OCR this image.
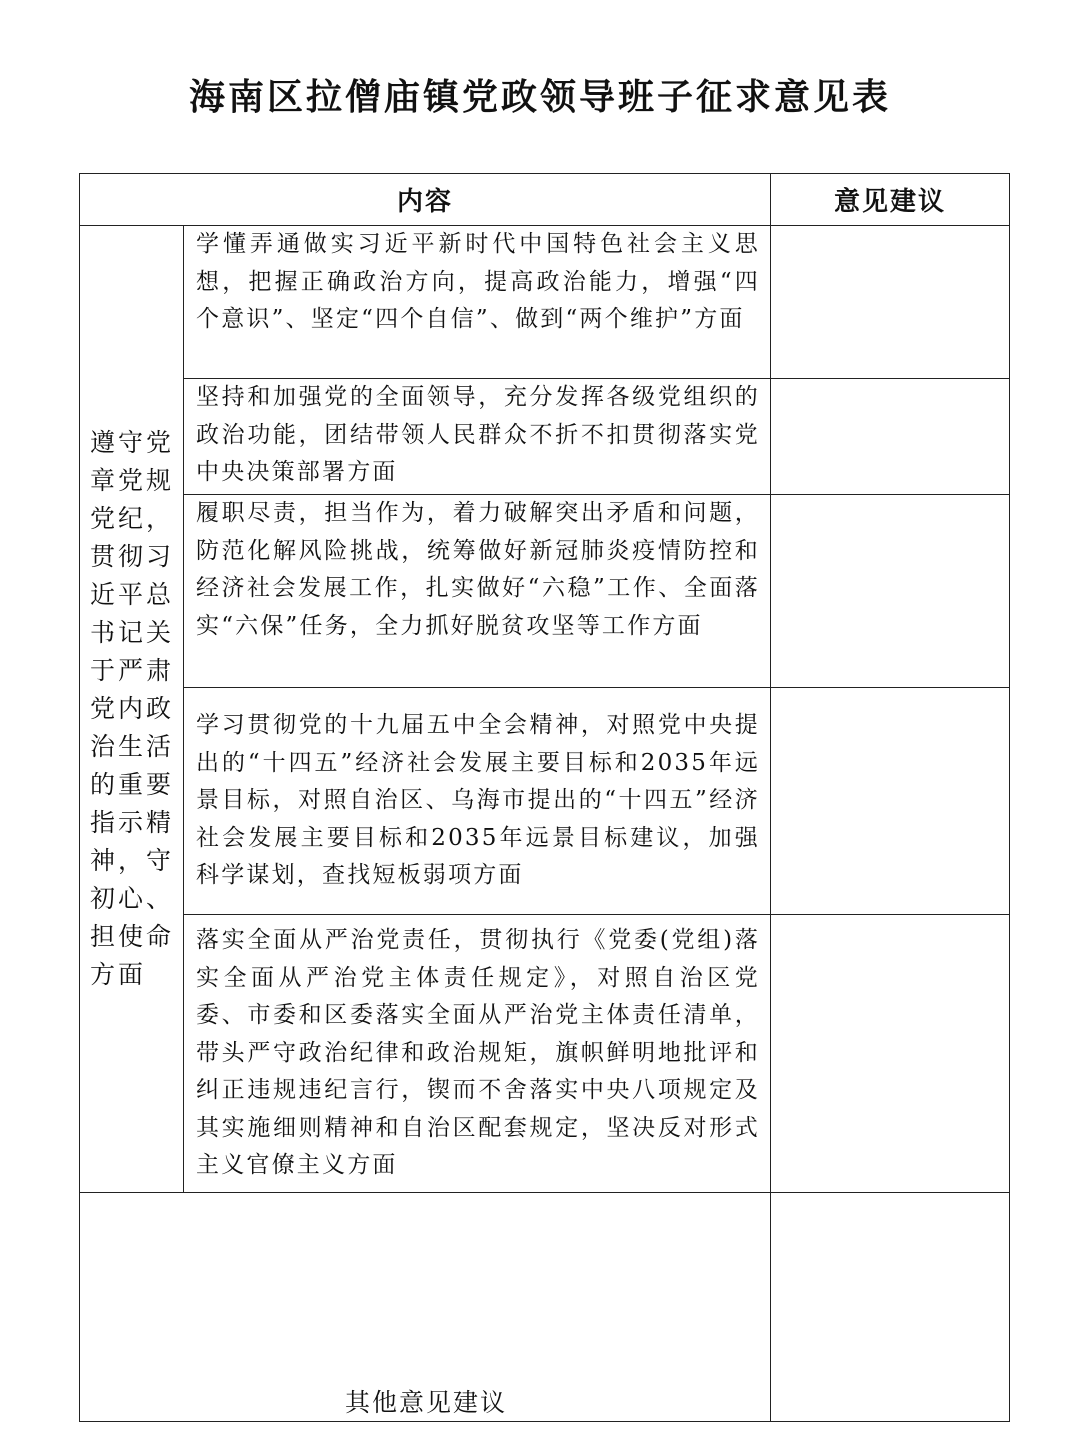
海南区拉僧庙镇党政领导班子征求意见表
内容		意见建议
遵守党章党规党纪，贯彻习近平总书记关于严肃党内政治生活的重要指示精神，守初心、担使命方面	学懂弄通做实习近平新时代中国特色社会主义思想，把握正确政治方向，提高政治能力，增强“四个意识”、坚定“四个自信”、做到“两个维护”方面	
	坚持和加强党的全面领导，充分发挥各级党组织的政治功能，团结带领人民群众不折不扣贯彻落实党中央决策部署方面	
	履职尽责，担当作为，着力破解突出矛盾和问题，防范化解风险挑战，统筹做好新冠肺炎疫情防控和经济社会发展工作，扎实做好“六稳”工作、全面落实“六保”任务，全力抓好脱贫攻坚等工作方面	
	学习贯彻党的十九届五中全会精神，对照党中央提出的“十四五”经济社会发展主要目标和2035年远景目标，对照自治区、乌海市提出的“十四五”经济社会发展主要目标和2035年远景目标建议，加强科学谋划，查找短板弱项方面	
	落实全面从严治党责任，贯彻执行《党委(党组)落实全面从严治党主体责任规定》，对照自治区党委、市委和区委落实全面从严治党主体责任清单，带头严守政治纪律和政治规矩，旗帜鲜明地批评和纠正违规违纪言行，锲而不舍落实中央八项规定及其实施细则精神和自治区配套规定，坚决反对形式主义官僚主义方面	
其他意见建议		
